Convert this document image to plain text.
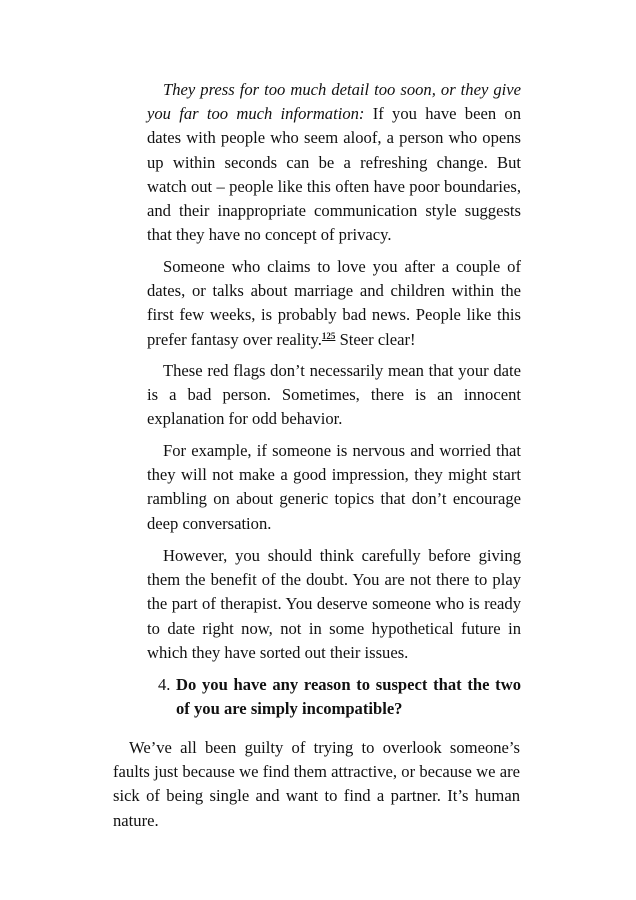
They press for too much detail too soon, or they give you far too much information: If you have been on dates with people who seem aloof, a person who opens up within seconds can be a refreshing change. But watch out – people like this often have poor boundaries, and their inappropriate communication style suggests that they have no concept of privacy.

Someone who claims to love you after a couple of dates, or talks about marriage and children within the first few weeks, is probably bad news. People like this prefer fantasy over reality.$^{125}$ Steer clear!

These red flags don’t necessarily mean that your date is a bad person. Sometimes, there is an innocent explanation for odd behavior.

For example, if someone is nervous and worried that they will not make a good impression, they might start rambling on about generic topics that don’t encourage deep conversation.

However, you should think carefully before giving them the benefit of the doubt. You are not there to play the part of therapist. You deserve someone who is ready to date right now, not in some hypothetical future in which they have sorted out their issues.

4. Do you have any reason to suspect that the two of you are simply incompatible?

We’ve all been guilty of trying to overlook someone’s faults just because we find them attractive, or because we are sick of being single and want to find a partner. It’s human nature.
